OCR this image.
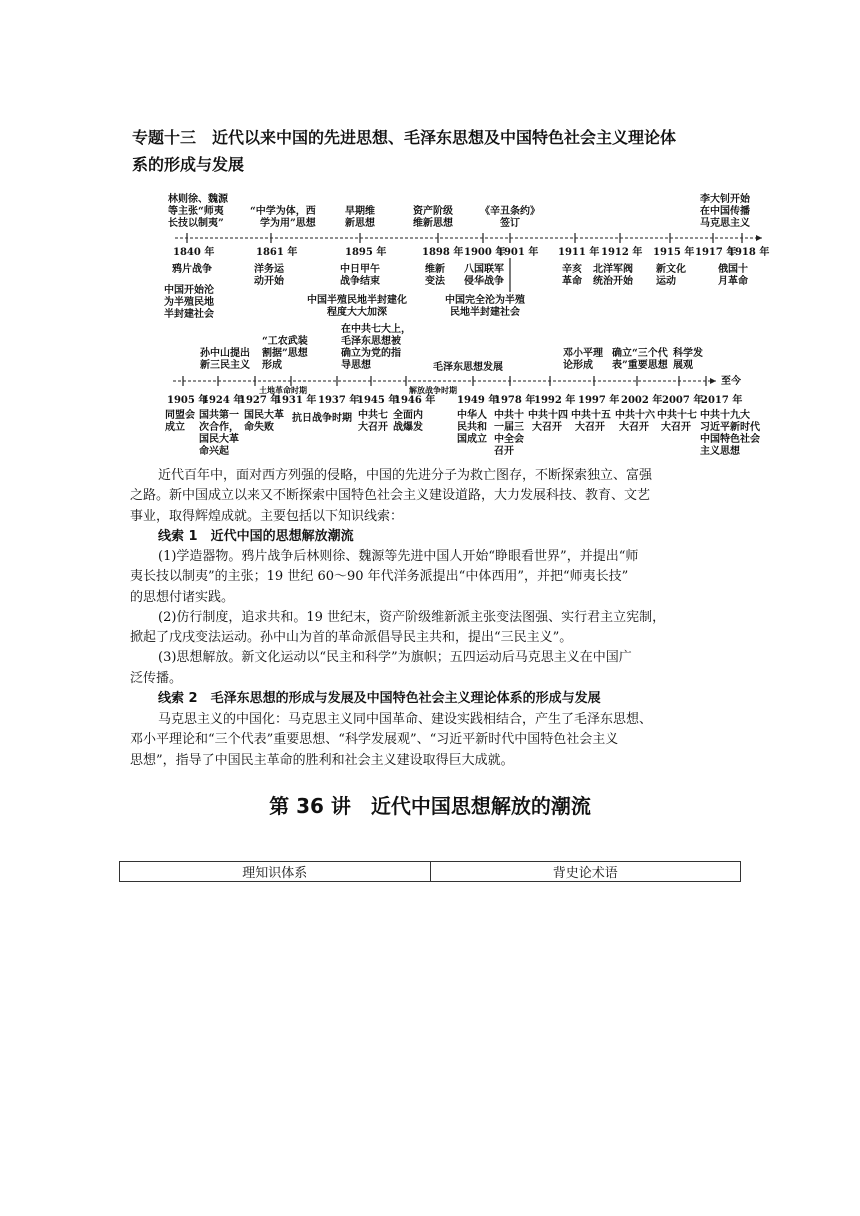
专题十三　近代以来中国的先进思想、毛泽东思想及中国特色社会主义理论体
系的形成与发展
林则徐、魏源
等主张“师夷
长技以制夷”
“中学为体，西
学为用”思想
早期维
新思想
资产阶级
维新思想
《辛丑条约》
签订
李大钊开始
在中国传播
马克思主义
1840 年	1861 年	1895 年	1898 年 1900 年
1901 年 1911 年 1912 年 1915 年 1917 年
1918 年
鸦片战争
中国开始沦
为半殖民地
半封建社会
洋务运
动开始
中日甲午
战争结束
中国半殖民地半封建化
程度大大加深
维新
变法
八国联军
侵华战争
中国完全沦为半殖
民地半封建社会
辛亥
革命
北洋军阀
统治开始
新文化
运动
俄国十
月革命
孙中山提出
新三民主义
“工农武装
割据”思想
形成
在中共七大上，
毛泽东思想被
确立为党的指
导思想	毛泽东思想发展
邓小平理
论形成
确立“三个代
表”重要思想
科学发
展观
土地革命时期	解放战争时期
至今
1905 年
1924 年
1927 年
1931 年 1937 年
1945 年
1946 年 1949 年
1978 年
1992 年 1997 年 2002 年 2007 年
2017 年
同盟会
成立
国共第一
次合作，
国民大革
命兴起
国民大革
命失败
抗日战争时期 中共七
大召开
全面内
战爆发
中华人
民共和
国成立
中共十
一届三
中全会
召开
中共十四
大召开
中共十五
大召开
中共十六
大召开
中共十七
大召开
中共十九大
习近平新时代
中国特色社会
主义思想
近代百年中，面对西方列强的侵略，中国的先进分子为救亡图存，不断探索独立、富强
之路。新中国成立以来又不断探索中国特色社会主义建设道路，大力发展科技、教育、文艺
事业，取得辉煌成就。主要包括以下知识线索：
线索 1　近代中国的思想解放潮流
(1)学造器物。鸦片战争后林则徐、魏源等先进中国人开始“睁眼看世界”，并提出“师
夷长技以制夷”的主张；19 世纪 60～90 年代洋务派提出“中体西用”，并把“师夷长技”
的思想付诸实践。
(2)仿行制度，追求共和。19 世纪末，资产阶级维新派主张变法图强、实行君主立宪制，
掀起了戊戌变法运动。孙中山为首的革命派倡导民主共和，提出“三民主义”。
(3)思想解放。新文化运动以“民主和科学”为旗帜；五四运动后马克思主义在中国广
泛传播。
线索 2　毛泽东思想的形成与发展及中国特色社会主义理论体系的形成与发展
马克思主义的中国化：马克思主义同中国革命、建设实践相结合，产生了毛泽东思想、
邓小平理论和“三个代表”重要思想、“科学发展观”、“习近平新时代中国特色社会主义
思想”，指导了中国民主革命的胜利和社会主义建设取得巨大成就。
第 36 讲　近代中国思想解放的潮流
理知识体系	背史论术语
